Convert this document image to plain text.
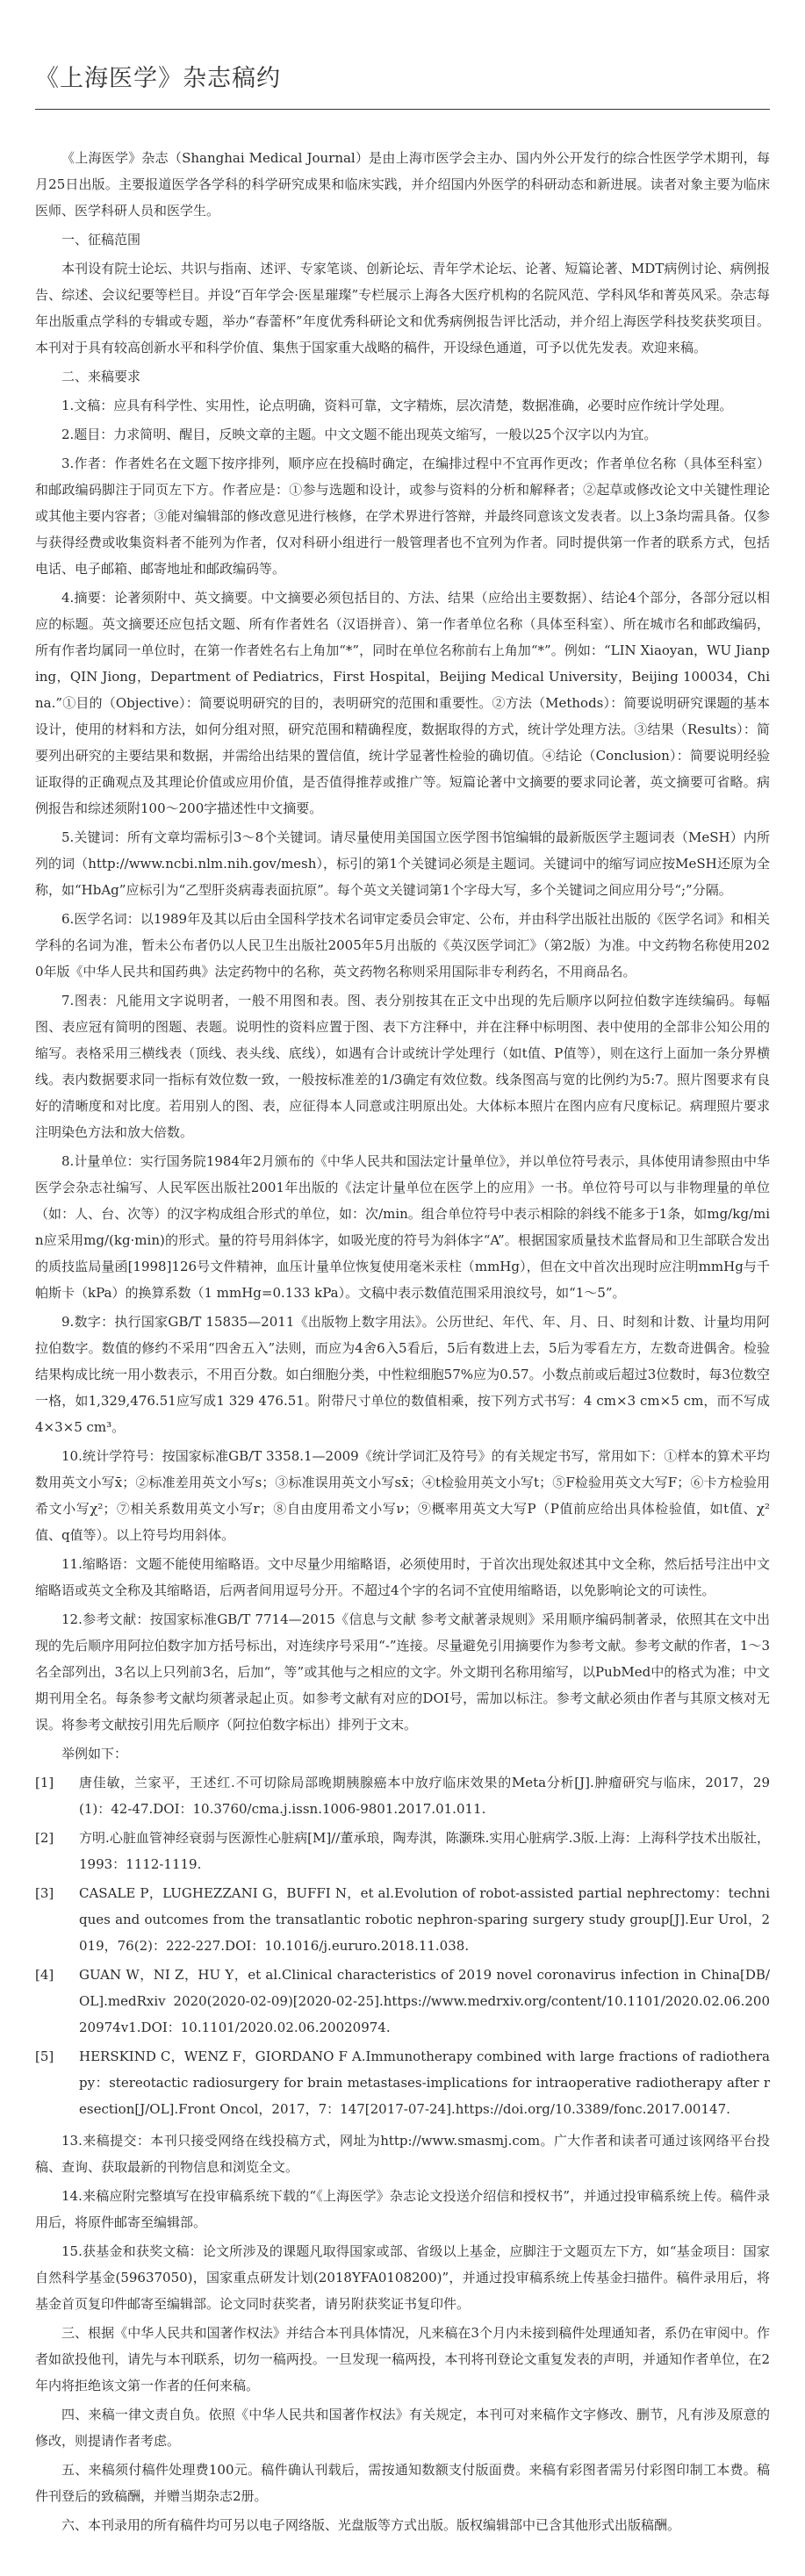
《上海医学》杂志稿约

《上海医学》杂志（Shanghai Medical Journal）是由上海市医学会主办、国内外公开发行的综合性医学学术期刊，每月25日出版。主要报道医学各学科的科学研究成果和临床实践，并介绍国内外医学的科研动态和新进展。读者对象主要为临床医师、医学科研人员和医学生。

一、征稿范围

本刊设有院士论坛、共识与指南、述评、专家笔谈、创新论坛、青年学术论坛、论著、短篇论著、MDT病例讨论、病例报告、综述、会议纪要等栏目。并设“百年学会·医星璀璨”专栏展示上海各大医疗机构的名院风范、学科风华和菁英风采。杂志每年出版重点学科的专辑或专题，举办“春蕾杯”年度优秀科研论文和优秀病例报告评比活动，并介绍上海医学科技奖获奖项目。本刊对于具有较高创新水平和科学价值、集焦于国家重大战略的稿件，开设绿色通道，可予以优先发表。欢迎来稿。

二、来稿要求

1.文稿：应具有科学性、实用性，论点明确，资料可靠，文字精炼，层次清楚，数据准确，必要时应作统计学处理。

2.题目：力求简明、醒目，反映文章的主题。中文文题不能出现英文缩写，一般以25个汉字以内为宜。

3.作者：作者姓名在文题下按序排列，顺序应在投稿时确定，在编排过程中不宜再作更改；作者单位名称（具体至科室）和邮政编码脚注于同页左下方。作者应是：①参与选题和设计，或参与资料的分析和解释者；②起草或修改论文中关键性理论或其他主要内容者；③能对编辑部的修改意见进行核修，在学术界进行答辩，并最终同意该文发表者。以上3条均需具备。仅参与获得经费或收集资料者不能列为作者，仅对科研小组进行一般管理者也不宜列为作者。同时提供第一作者的联系方式，包括电话、电子邮箱、邮寄地址和邮政编码等。

4.摘要：论著须附中、英文摘要。中文摘要必须包括目的、方法、结果（应给出主要数据）、结论4个部分，各部分冠以相应的标题。英文摘要还应包括文题、所有作者姓名（汉语拼音）、第一作者单位名称（具体至科室）、所在城市名和邮政编码，所有作者均属同一单位时，在第一作者姓名右上角加“*”，同时在单位名称前右上角加“*”。例如：“LIN Xiaoyan，WU Jianping，QIN Jiong，Department of Pediatrics，First Hospital，Beijing Medical University，Beijing 100034，China.”①目的（Objective）：简要说明研究的目的，表明研究的范围和重要性。②方法（Methods）：简要说明研究课题的基本设计，使用的材料和方法，如何分组对照，研究范围和精确程度，数据取得的方式，统计学处理方法。③结果（Results）：简要列出研究的主要结果和数据，并需给出结果的置信值，统计学显著性检验的确切值。④结论（Conclusion）：简要说明经验证取得的正确观点及其理论价值或应用价值，是否值得推荐或推广等。短篇论著中文摘要的要求同论著，英文摘要可省略。病例报告和综述须附100～200字描述性中文摘要。

5.关键词：所有文章均需标引3～8个关键词。请尽量使用美国国立医学图书馆编辑的最新版医学主题词表（MeSH）内所列的词（http://www.ncbi.nlm.nih.gov/mesh），标引的第1个关键词必须是主题词。关键词中的缩写词应按MeSH还原为全称，如“HbAg”应标引为“乙型肝炎病毒表面抗原”。每个英文关键词第1个字母大写，多个关键词之间应用分号“;”分隔。

6.医学名词：以1989年及其以后由全国科学技术名词审定委员会审定、公布，并由科学出版社出版的《医学名词》和相关学科的名词为准，暂未公布者仍以人民卫生出版社2005年5月出版的《英汉医学词汇》（第2版）为准。中文药物名称使用2020年版《中华人民共和国药典》法定药物中的名称，英文药物名称则采用国际非专利药名，不用商品名。

7.图表：凡能用文字说明者，一般不用图和表。图、表分别按其在正文中出现的先后顺序以阿拉伯数字连续编码。每幅图、表应冠有简明的图题、表题。说明性的资料应置于图、表下方注释中，并在注释中标明图、表中使用的全部非公知公用的缩写。表格采用三横线表（顶线、表头线、底线），如遇有合计或统计学处理行（如t值、P值等），则在这行上面加一条分界横线。表内数据要求同一指标有效位数一致，一般按标准差的1/3确定有效位数。线条图高与宽的比例约为5:7。照片图要求有良好的清晰度和对比度。若用别人的图、表，应征得本人同意或注明原出处。大体标本照片在图内应有尺度标记。病理照片要求注明染色方法和放大倍数。

8.计量单位：实行国务院1984年2月颁布的《中华人民共和国法定计量单位》，并以单位符号表示，具体使用请参照由中华医学会杂志社编写、人民军医出版社2001年出版的《法定计量单位在医学上的应用》一书。单位符号可以与非物理量的单位（如：人、台、次等）的汉字构成组合形式的单位，如：次/min。组合单位符号中表示相除的斜线不能多于1条，如mg/kg/min应采用mg/(kg·min)的形式。量的符号用斜体字，如吸光度的符号为斜体字“A”。根据国家质量技术监督局和卫生部联合发出的质技监局量函[1998]126号文件精神，血压计量单位恢复使用毫米汞柱（mmHg），但在文中首次出现时应注明mmHg与千帕斯卡（kPa）的换算系数（1 mmHg=0.133 kPa）。文稿中表示数值范围采用浪纹号，如“1～5”。

9.数字：执行国家GB/T 15835—2011《出版物上数字用法》。公历世纪、年代、年、月、日、时刻和计数、计量均用阿拉伯数字。数值的修约不采用“四舍五入”法则，而应为4舍6入5看后，5后有数进上去，5后为零看左方，左数奇进偶舍。检验结果构成比统一用小数表示，不用百分数。如白细胞分类，中性粒细胞57%应为0.57。小数点前或后超过3位数时，每3位数空一格，如1,329,476.51应写成1 329 476.51。附带尺寸单位的数值相乘，按下列方式书写：4 cm×3 cm×5 cm，而不写成4×3×5 cm³。

10.统计学符号：按国家标准GB/T 3358.1—2009《统计学词汇及符号》的有关规定书写，常用如下：①样本的算术平均数用英文小写x̄；②标准差用英文小写s；③标准误用英文小写sx̄；④t检验用英文小写t；⑤F检验用英文大写F；⑥卡方检验用希文小写χ²；⑦相关系数用英文小写r；⑧自由度用希文小写ν；⑨概率用英文大写P（P值前应给出具体检验值，如t值、χ²值、q值等）。以上符号均用斜体。

11.缩略语：文题不能使用缩略语。文中尽量少用缩略语，必须使用时，于首次出现处叙述其中文全称，然后括号注出中文缩略语或英文全称及其缩略语，后两者间用逗号分开。不超过4个字的名词不宜使用缩略语，以免影响论文的可读性。

12.参考文献：按国家标准GB/T 7714—2015《信息与文献 参考文献著录规则》采用顺序编码制著录，依照其在文中出现的先后顺序用阿拉伯数字加方括号标出，对连续序号采用“-”连接。尽量避免引用摘要作为参考文献。参考文献的作者，1～3名全部列出，3名以上只列前3名，后加“，等”或其他与之相应的文字。外文期刊名称用缩写，以PubMed中的格式为准；中文期刊用全名。每条参考文献均须著录起止页。如参考文献有对应的DOI号，需加以标注。参考文献必须由作者与其原文核对无误。将参考文献按引用先后顺序（阿拉伯数字标出）排列于文末。

举例如下：

[1]	唐佳敏，兰家平，王述红.不可切除局部晚期胰腺癌本中放疗临床效果的Meta分析[J].肿瘤研究与临床，2017，29(1)：42-47.DOI：10.3760/cma.j.issn.1006-9801.2017.01.011.
[2]	方明.心脏血管神经衰弱与医源性心脏病[M]//董承琅，陶寿淇，陈灏珠.实用心脏病学.3版.上海：上海科学技术出版社，1993：1112-1119.
[3]	CASALE P，LUGHEZZANI G，BUFFI N，et al.Evolution of robot-assisted partial nephrectomy：techniques and outcomes from the transatlantic robotic nephron-sparing surgery study group[J].Eur Urol，2019，76(2)：222-227.DOI：10.1016/j.eururo.2018.11.038.
[4]	GUAN W，NI Z，HU Y，et al.Clinical characteristics of 2019 novel coronavirus infection in China[DB/OL].medRxiv 2020(2020-02-09)[2020-02-25].https://www.medrxiv.org/content/10.1101/2020.02.06.20020974v1.DOI：10.1101/2020.02.06.20020974.
[5]	HERSKIND C，WENZ F，GIORDANO F A.Immunotherapy combined with large fractions of radiotherapy：stereotactic radiosurgery for brain metastases-implications for intraoperative radiotherapy after resection[J/OL].Front Oncol，2017，7：147[2017-07-24].https://doi.org/10.3389/fonc.2017.00147.

13.来稿提交：本刊只接受网络在线投稿方式，网址为http://www.smasmj.com。广大作者和读者可通过该网络平台投稿、查询、获取最新的刊物信息和浏览全文。

14.来稿应附完整填写在投审稿系统下载的“《上海医学》杂志论文投送介绍信和授权书”，并通过投审稿系统上传。稿件录用后，将原件邮寄至编辑部。

15.获基金和获奖文稿：论文所涉及的课题凡取得国家或部、省级以上基金，应脚注于文题页左下方，如“基金项目：国家自然科学基金(59637050)，国家重点研发计划(2018YFA0108200)”，并通过投审稿系统上传基金扫描件。稿件录用后，将基金首页复印件邮寄至编辑部。论文同时获奖者，请另附获奖证书复印件。

三、根据《中华人民共和国著作权法》并结合本刊具体情况，凡来稿在3个月内未接到稿件处理通知者，系仍在审阅中。作者如欲投他刊，请先与本刊联系，切勿一稿两投。一旦发现一稿两投，本刊将刊登论文重复发表的声明，并通知作者单位，在2年内将拒绝该文第一作者的任何来稿。

四、来稿一律文责自负。依照《中华人民共和国著作权法》有关规定，本刊可对来稿作文字修改、删节，凡有涉及原意的修改，则提请作者考虑。

五、来稿须付稿件处理费100元。稿件确认刊载后，需按通知数额支付版面费。来稿有彩图者需另付彩图印制工本费。稿件刊登后的致稿酬，并赠当期杂志2册。

六、本刊录用的所有稿件均可另以电子网络版、光盘版等方式出版。版权编辑部中已含其他形式出版稿酬。
